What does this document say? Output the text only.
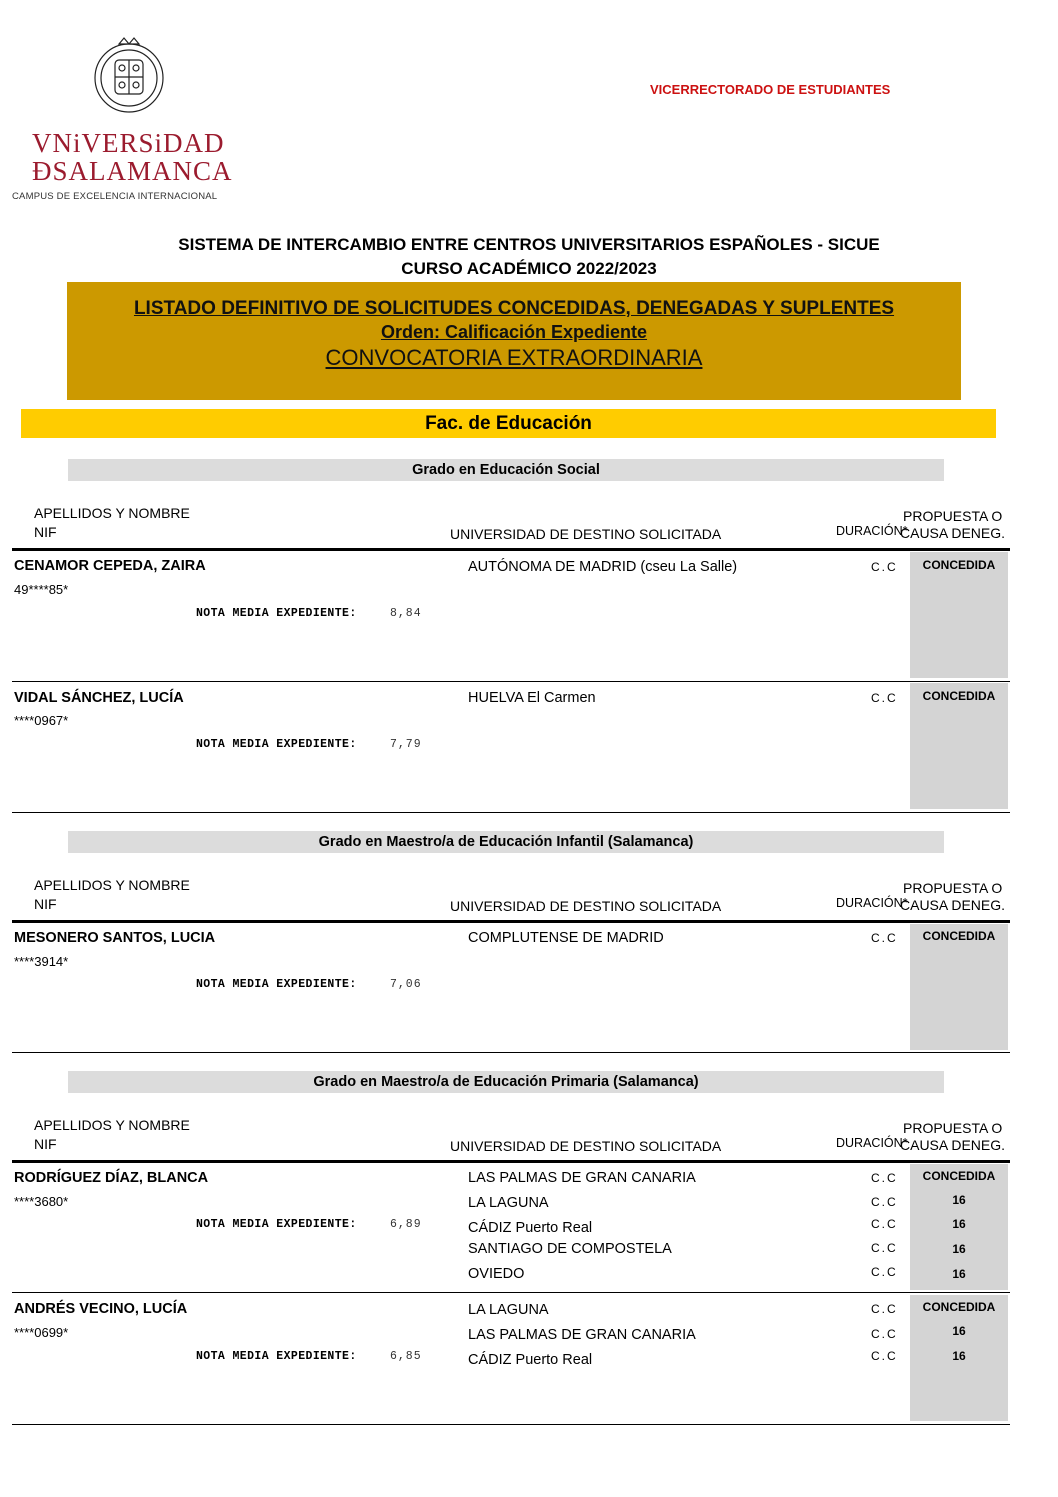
VNiVERSiDAD
ÐSALAMANCA
CAMPUS DE EXCELENCIA INTERNACIONAL
VICERRECTORADO DE ESTUDIANTES
SISTEMA DE INTERCAMBIO ENTRE CENTROS UNIVERSITARIOS ESPAÑOLES - SICUE
CURSO ACADÉMICO 2022/2023
LISTADO DEFINITIVO DE SOLICITUDES CONCEDIDAS, DENEGADAS Y SUPLENTES
Orden: Calificación Expediente
CONVOCATORIA EXTRAORDINARIA
Fac. de Educación
Grado en Educación Social
APELLIDOS Y NOMBRE
NIF	UNIVERSIDAD DE DESTINO SOLICITADA	DURACIÓN*
PROPUESTA O
CAUSA DENEG.
CENAMOR CEPEDA, ZAIRA
49****85*
NOTA MEDIA EXPEDIENTE:	8,84
AUTÓNOMA DE MADRID (cseu La Salle)	C.C	CONCEDIDA
VIDAL SÁNCHEZ, LUCÍA
****0967*
NOTA MEDIA EXPEDIENTE:	7,79
HUELVA El Carmen	C.C	CONCEDIDA
Grado en Maestro/a de Educación Infantil (Salamanca)
APELLIDOS Y NOMBRE
NIF	UNIVERSIDAD DE DESTINO SOLICITADA	DURACIÓN*
PROPUESTA O
CAUSA DENEG.
MESONERO SANTOS, LUCIA
****3914*
NOTA MEDIA EXPEDIENTE:	7,06
COMPLUTENSE DE MADRID	C.C	CONCEDIDA
Grado en Maestro/a de Educación Primaria (Salamanca)
APELLIDOS Y NOMBRE
NIF	UNIVERSIDAD DE DESTINO SOLICITADA	DURACIÓN*
PROPUESTA O
CAUSA DENEG.
RODRÍGUEZ DÍAZ, BLANCA
****3680*
NOTA MEDIA EXPEDIENTE:	6,89
LAS PALMAS DE GRAN CANARIA	C.C	CONCEDIDA
LA LAGUNA	C.C	16
CÁDIZ Puerto Real	C.C	16
SANTIAGO DE COMPOSTELA	C.C	16
OVIEDO	C.C	16
ANDRÉS VECINO, LUCÍA
****0699*
NOTA MEDIA EXPEDIENTE:	6,85
LA LAGUNA	C.C	CONCEDIDA
LAS PALMAS DE GRAN CANARIA	C.C	16
CÁDIZ Puerto Real	C.C	16
